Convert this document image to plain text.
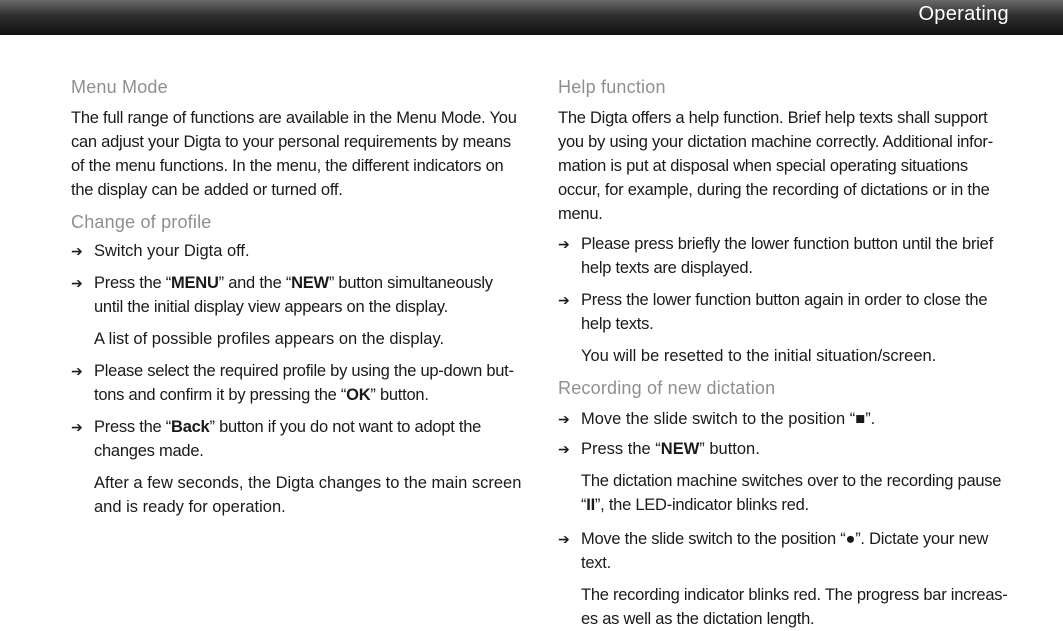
Operating
Menu Mode

The full range of functions are available in the Menu Mode. You can adjust your Digta to your personal requirements by means of the menu functions. In the menu, the different indicators on the display can be added or turned off.

Change of profile

➔ Switch your Digta off.

➔ Press the “MENU” and the “NEW” button simultaneously until the initial display view appears on the display.

A list of possible profiles appears on the display.

➔ Please select the required profile by using the up-down buttons and confirm it by pressing the “OK” button.

➔ Press the “Back” button if you do not want to adopt the changes made.

After a few seconds, the Digta changes to the main screen and is ready for operation.

Help function

The Digta offers a help function. Brief help texts shall support you by using your dictation machine correctly. Additional information is put at disposal when special operating situations occur, for example, during the recording of dictations or in the menu.

➔ Please press briefly the lower function button until the brief help texts are displayed.

➔ Press the lower function button again in order to close the help texts.

You will be resetted to the initial situation/screen.

Recording of new dictation

➔ Move the slide switch to the position “■”.

➔ Press the “NEW” button.

The dictation machine switches over to the recording pause “II”, the LED-indicator blinks red.

➔ Move the slide switch to the position “●”. Dictate your new text.

The recording indicator blinks red. The progress bar increases as well as the dictation length.
